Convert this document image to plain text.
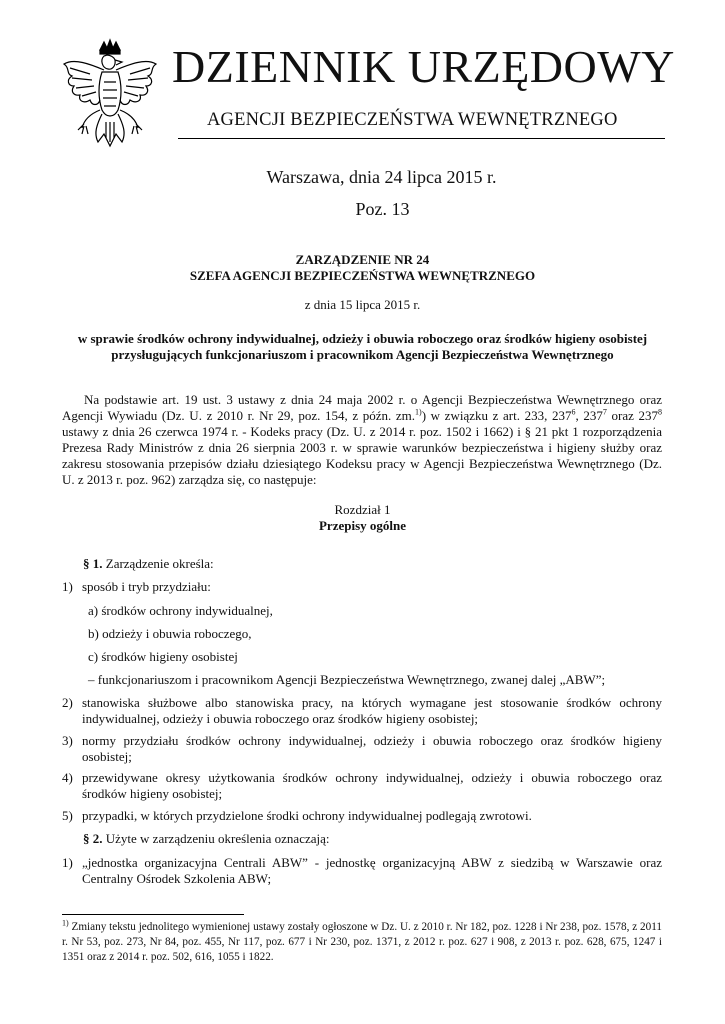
DZIENNIK URZĘDOWY
AGENCJI BEZPIECZEŃSTWA WEWNĘTRZNEGO
Warszawa, dnia 24 lipca 2015 r.
Poz. 13
ZARZĄDZENIE NR 24
SZEFA AGENCJI BEZPIECZEŃSTWA WEWNĘTRZNEGO
z dnia 15 lipca 2015 r.
w sprawie środków ochrony indywidualnej, odzieży i obuwia roboczego oraz środków higieny osobistej
przysługujących funkcjonariuszom i pracownikom Agencji Bezpieczeństwa Wewnętrznego
Na podstawie art. 19 ust. 3 ustawy z dnia 24 maja 2002 r. o Agencji Bezpieczeństwa Wewnętrznego oraz Agencji Wywiadu (Dz. U. z 2010 r. Nr 29, poz. 154, z późn. zm.$^{1)}$) w związku z art. 233, $237^6$, $237^7$ oraz $237^8$ ustawy z dnia 26 czerwca 1974 r. - Kodeks pracy (Dz. U. z 2014 r. poz. 1502 i 1662) i § 21 pkt 1 rozporządzenia Prezesa Rady Ministrów z dnia 26 sierpnia 2003 r. w sprawie warunków bezpieczeństwa i higieny służby oraz zakresu stosowania przepisów działu dziesiątego Kodeksu pracy w Agencji Bezpieczeństwa Wewnętrznego (Dz. U. z 2013 r. poz. 962) zarządza się, co następuje:
Rozdział 1
Przepisy ogólne
§ 1. Zarządzenie określa:
1) sposób i tryb przydziału:
a) środków ochrony indywidualnej,
b) odzieży i obuwia roboczego,
c) środków higieny osobistej
– funkcjonariuszom i pracownikom Agencji Bezpieczeństwa Wewnętrznego, zwanej dalej „ABW”;
2) stanowiska służbowe albo stanowiska pracy, na których wymagane jest stosowanie środków ochrony indywidualnej, odzieży i obuwia roboczego oraz środków higieny osobistej;
3) normy przydziału środków ochrony indywidualnej, odzieży i obuwia roboczego oraz środków higieny osobistej;
4) przewidywane okresy użytkowania środków ochrony indywidualnej, odzieży i obuwia roboczego oraz środków higieny osobistej;
5) przypadki, w których przydzielone środki ochrony indywidualnej podlegają zwrotowi.
§ 2. Użyte w zarządzeniu określenia oznaczają:
1) „jednostka organizacyjna Centrali ABW” - jednostkę organizacyjną ABW z siedzibą w Warszawie oraz Centralny Ośrodek Szkolenia ABW;
$^{1)}$ Zmiany tekstu jednolitego wymienionej ustawy zostały ogłoszone w Dz. U. z 2010 r. Nr 182, poz. 1228 i Nr 238, poz. 1578, z 2011 r. Nr 53, poz. 273, Nr 84, poz. 455, Nr 117, poz. 677 i Nr 230, poz. 1371, z 2012 r. poz. 627 i 908, z 2013 r. poz. 628, 675, 1247 i 1351 oraz z 2014 r. poz. 502, 616, 1055 i 1822.
